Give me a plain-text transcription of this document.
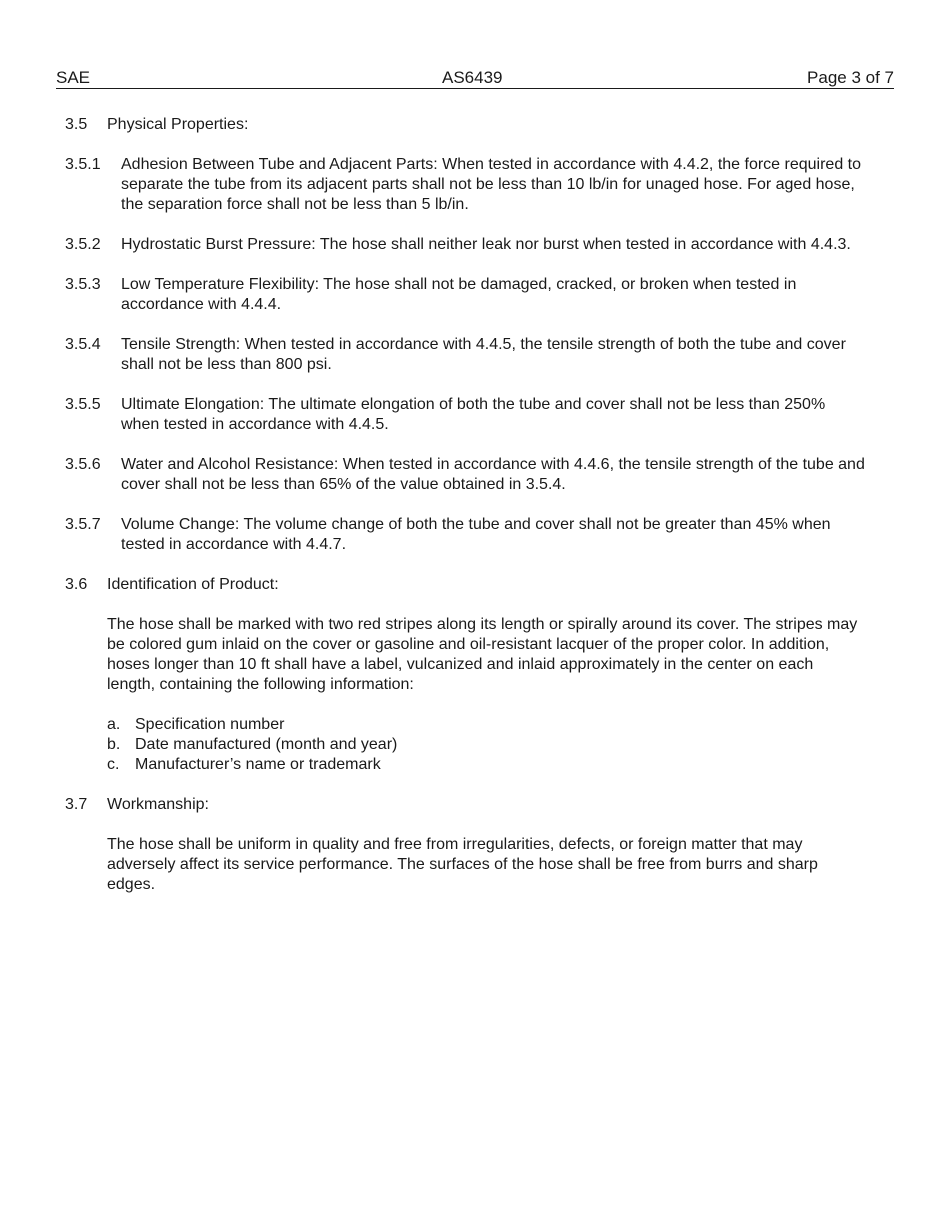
SAE	AS6439	Page 3 of 7
3.5 Physical Properties:
3.5.1 Adhesion Between Tube and Adjacent Parts: When tested in accordance with 4.4.2, the force required to separate the tube from its adjacent parts shall not be less than 10 lb/in for unaged hose. For aged hose, the separation force shall not be less than 5 lb/in.
3.5.2 Hydrostatic Burst Pressure: The hose shall neither leak nor burst when tested in accordance with 4.4.3.
3.5.3 Low Temperature Flexibility: The hose shall not be damaged, cracked, or broken when tested in accordance with 4.4.4.
3.5.4 Tensile Strength: When tested in accordance with 4.4.5, the tensile strength of both the tube and cover shall not be less than 800 psi.
3.5.5 Ultimate Elongation: The ultimate elongation of both the tube and cover shall not be less than 250% when tested in accordance with 4.4.5.
3.5.6 Water and Alcohol Resistance: When tested in accordance with 4.4.6, the tensile strength of the tube and cover shall not be less than 65% of the value obtained in 3.5.4.
3.5.7 Volume Change: The volume change of both the tube and cover shall not be greater than 45% when tested in accordance with 4.4.7.
3.6 Identification of Product:
The hose shall be marked with two red stripes along its length or spirally around its cover. The stripes may be colored gum inlaid on the cover or gasoline and oil-resistant lacquer of the proper color. In addition, hoses longer than 10 ft shall have a label, vulcanized and inlaid approximately in the center on each length, containing the following information:
a. Specification number
b. Date manufactured (month and year)
c. Manufacturer’s name or trademark
3.7 Workmanship:
The hose shall be uniform in quality and free from irregularities, defects, or foreign matter that may adversely affect its service performance. The surfaces of the hose shall be free from burrs and sharp edges.
